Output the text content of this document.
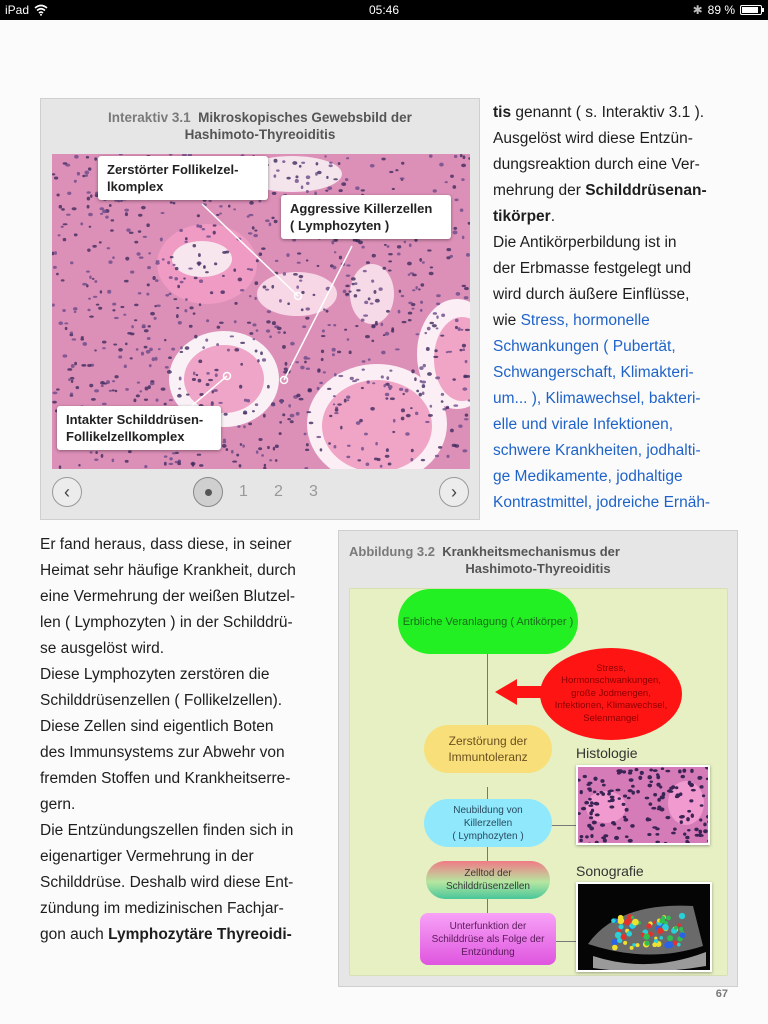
iPad	05:46	✱ 89 %
Interaktiv 3.1 Mikroskopisches Gewebsbild der
Hashimoto-Thyreoiditis
Zerstörter Follikelzel-
lkomplex
Aggressive Killerzellen
( Lymphozyten )
Intakter Schilddrüsen-
Follikelzellkomplex
‹	1 2 3	›

tis genannt ( s. Interaktiv 3.1 ).

Ausgelöst wird diese Entzün-

dungsreaktion durch eine Ver-

mehrung der Schilddrüsenan-

tikörper.

Die Antikörperbildung ist in

der Erbmasse festgelegt und

wird durch äußere Einflüsse,

wie Stress, hormonelle

Schwankungen ( Pubertät,

Schwangerschaft, Klimakteri-

um... ), Klimawechsel, bakteri-

elle und virale Infektionen,

schwere Krankheiten, jodhalti-

ge Medikamente, jodhaltige

Kontrastmittel, jodreiche Ernäh-

Er fand heraus, dass diese, in seiner

Heimat sehr häufige Krankheit, durch

eine Vermehrung der weißen Blutzel-

len ( Lymphozyten ) in der Schilddrü-

se ausgelöst wird.

Diese Lymphozyten zerstören die

Schilddrüsenzellen ( Follikelzellen).

Diese Zellen sind eigentlich Boten

des Immunsystems zur Abwehr von

fremden Stoffen und Krankheitserre-

gern.

Die Entzündungszellen finden sich in

eigenartiger Vermehrung in der

Schilddrüse. Deshalb wird diese Ent-

zündung im medizinischen Fachjar-

gon auch Lymphozytäre Thyreoidi-

Abbildung 3.2 Krankheitsmechanismus der
Hashimoto-Thyreoiditis
Erbliche Veranlagung ( Antikörper )
Stress,
Hormonschwankungen,
große Jodmengen,
Infektionen, Klimawechsel,
Selenmangel
Zerstörung der
Immuntoleranz
Neubildung von
Killerzellen
( Lymphozyten )
Zelltod der
Schilddrüsenzellen
Unterfunktion der
Schilddrüse als Folge der
Entzündung
Histologie
Sonografie
67
